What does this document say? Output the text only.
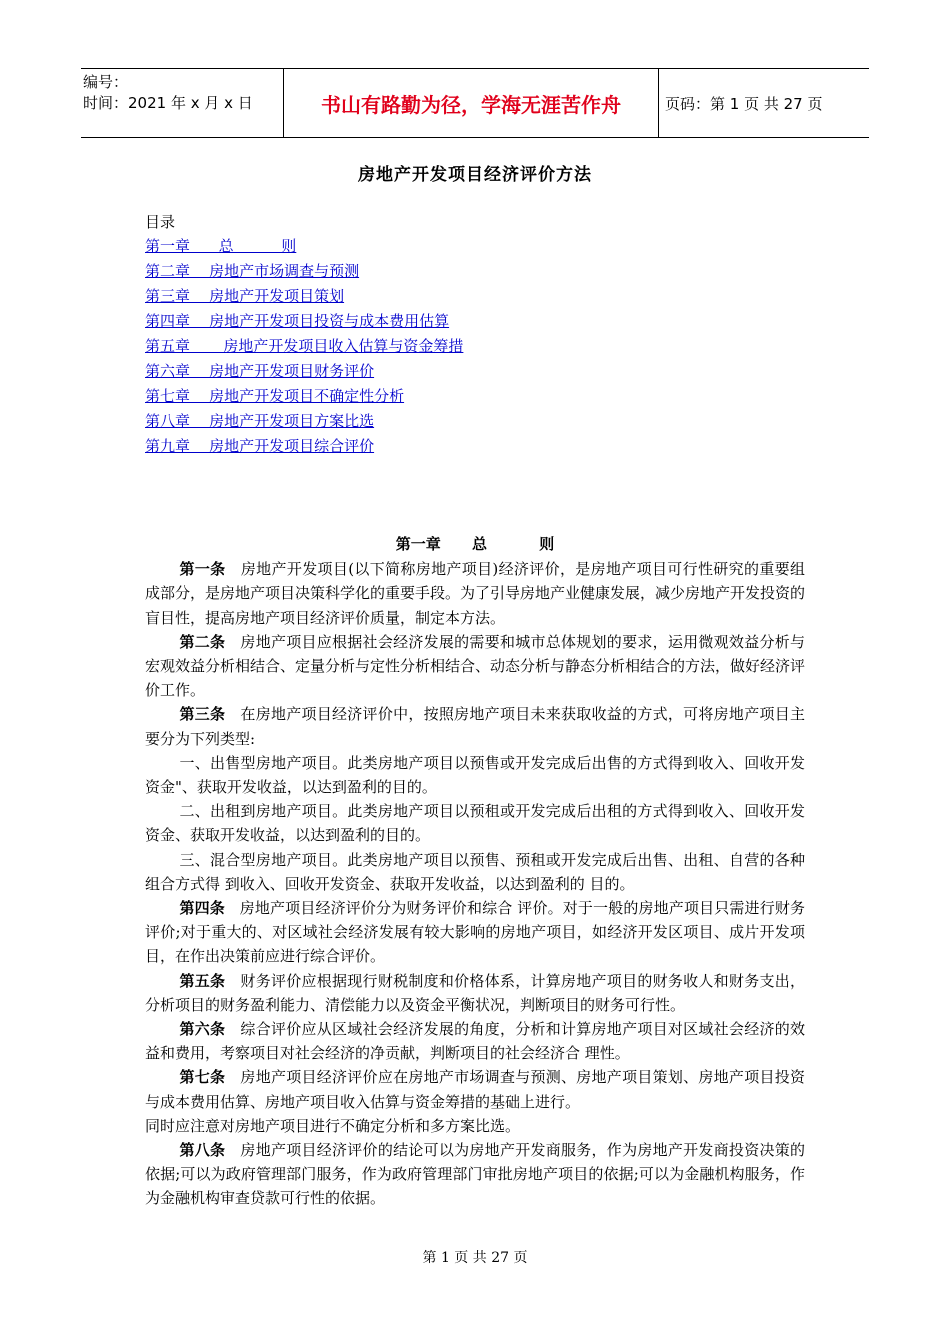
编号：
时间：2021 年 x 月 x 日	书山有路勤为径，学海无涯苦作舟	页码：第 1 页 共 27 页
房地产开发项目经济评价方法
目录
第一章      总          则
第二章    房地产市场调查与预测
第三章    房地产开发项目策划
第四章    房地产开发项目投资与成本费用估算
第五章       房地产开发项目收入估算与资金筹措
第六章    房地产开发项目财务评价
第七章    房地产开发项目不确定性分析
第八章    房地产开发项目方案比选
第九章    房地产开发项目综合评价
第一章      总          则

第一条 房地产开发项目(以下简称房地产项目)经济评价，是房地产项目可行性研究的重要组成部分，是房地产项目决策科学化的重要手段。为了引导房地产业健康发展，减少房地产开发投资的盲目性，提高房地产项目经济评价质量，制定本方法。

第二条 房地产项目应根据社会经济发展的需要和城市总体规划的要求，运用微观效益分析与宏观效益分析相结合、定量分析与定性分析相结合、动态分析与静态分析相结合的方法，做好经济评价工作。

第三条 在房地产项目经济评价中，按照房地产项目未来获取收益的方式，可将房地产项目主要分为下列类型:

一、出售型房地产项目。此类房地产项目以预售或开发完成后出售的方式得到收入、回收开发资金"、获取开发收益，以达到盈利的目的。

二、出租到房地产项目。此类房地产项目以预租或开发完成后出租的方式得到收入、回收开发资金、获取开发收益，以达到盈利的目的。

三、混合型房地产项目。此类房地产项目以预售、预租或开发完成后出售、出租、自营的各种组合方式得 到收入、回收开发资金、获取开发收益，以达到盈利的 目的。

第四条 房地产项目经济评价分为财务评价和综合 评价。对于一般的房地产项目只需进行财务评价;对于重大的、对区域社会经济发展有较大影响的房地产项目，如经济开发区项目、成片开发项目，在作出决策前应进行综合评价。

第五条 财务评价应根据现行财税制度和价格体系，计算房地产项目的财务收人和财务支出，分析项目的财务盈利能力、清偿能力以及资金平衡状况，判断项目的财务可行性。

第六条 综合评价应从区域社会经济发展的角度，分析和计算房地产项目对区域社会经济的效益和费用，考察项目对社会经济的净贡献，判断项目的社会经济合 理性。

第七条 房地产项目经济评价应在房地产市场调查与预测、房地产项目策划、房地产项目投资与成本费用估算、房地产项目收入估算与资金筹措的基础上进行。

同时应注意对房地产项目进行不确定分析和多方案比选。

第八条 房地产项目经济评价的结论可以为房地产开发商服务，作为房地产开发商投资决策的依据;可以为政府管理部门服务，作为政府管理部门审批房地产项目的依据;可以为金融机构服务，作为金融机构审查贷款可行性的依据。

第 1 页 共 27 页
